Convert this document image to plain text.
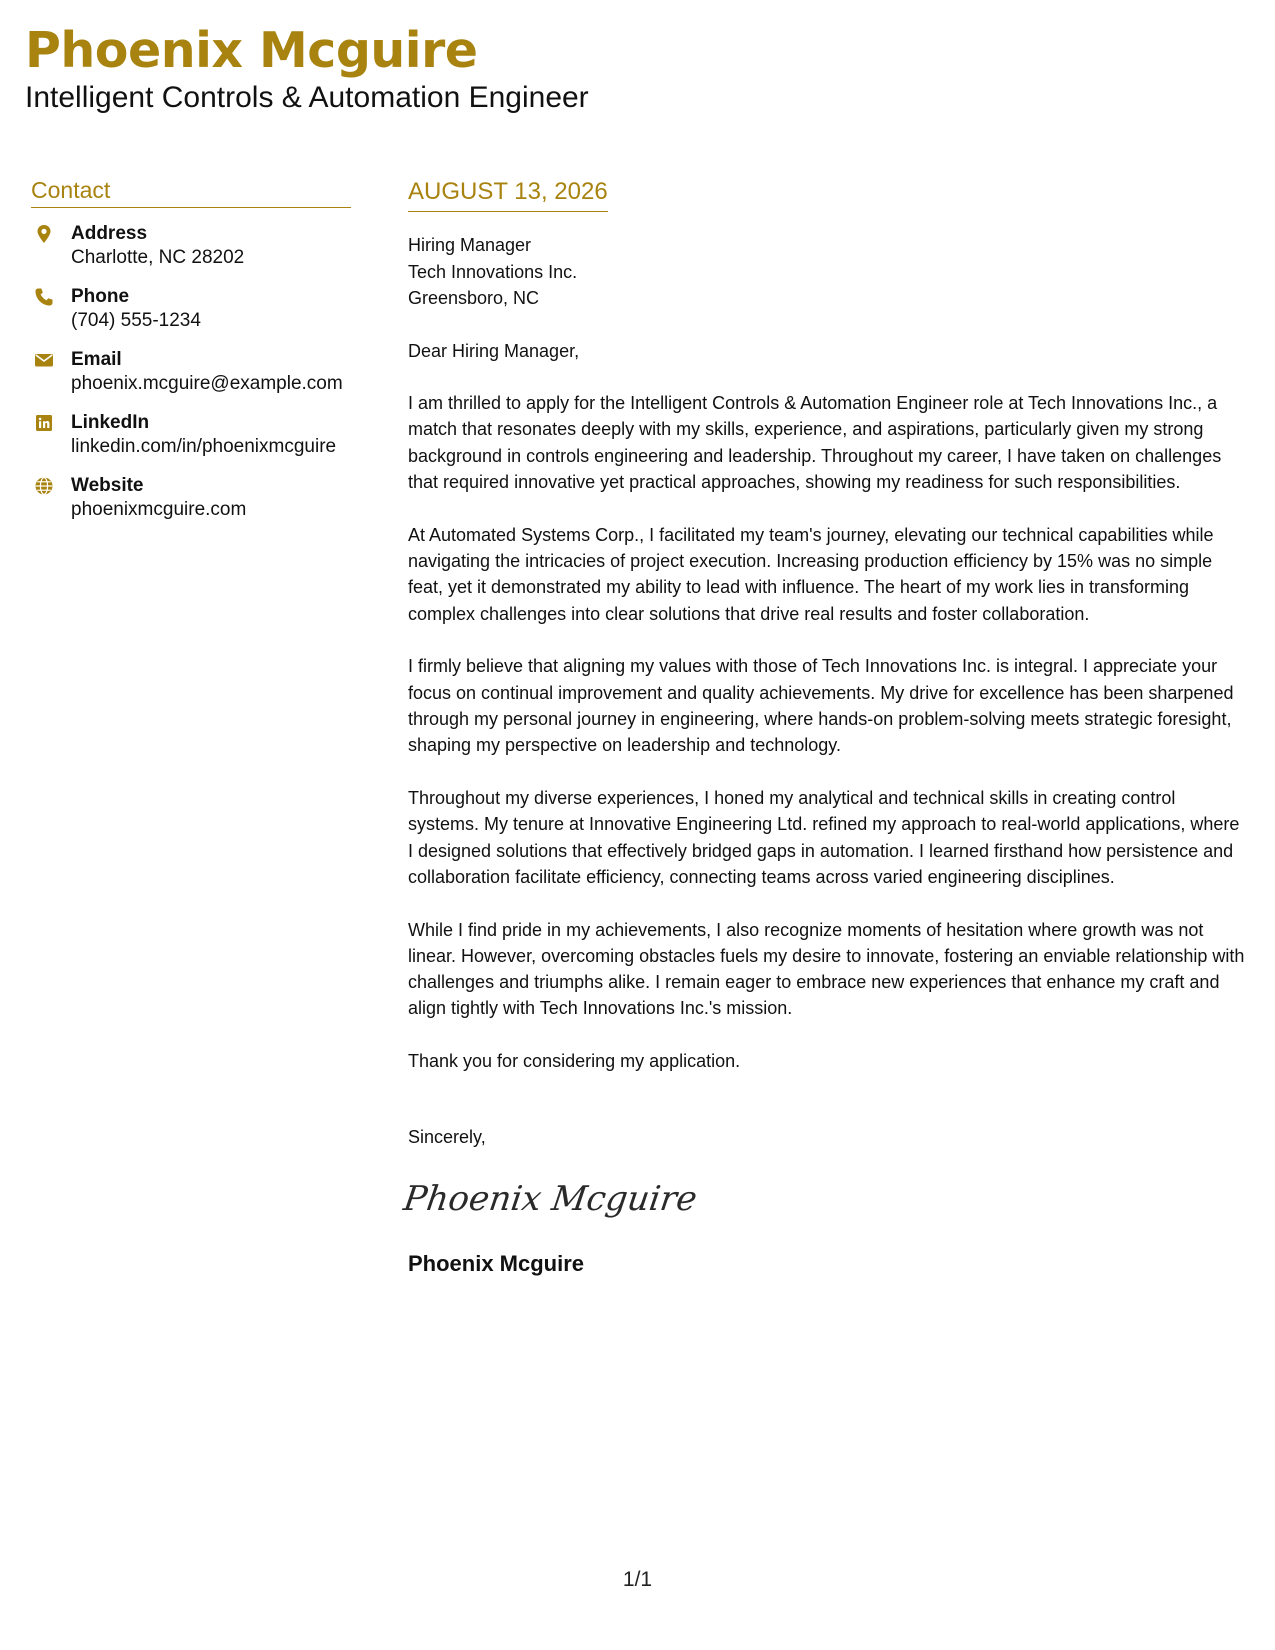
Phoenix Mcguire
Intelligent Controls & Automation Engineer
Contact
Address
Charlotte, NC 28202
Phone
(704) 555-1234
Email
phoenix.mcguire@example.com
LinkedIn
linkedin.com/in/phoenixmcguire
Website
phoenixmcguire.com
AUGUST 13, 2026
Hiring Manager
Tech Innovations Inc.
Greensboro, NC

Dear Hiring Manager,

I am thrilled to apply for the Intelligent Controls & Automation Engineer role at Tech Innovations Inc., a match that resonates deeply with my skills, experience, and aspirations, particularly given my strong background in controls engineering and leadership. Throughout my career, I have taken on challenges that required innovative yet practical approaches, showing my readiness for such responsibilities.

At Automated Systems Corp., I facilitated my team's journey, elevating our technical capabilities while navigating the intricacies of project execution. Increasing production efficiency by 15% was no simple feat, yet it demonstrated my ability to lead with influence. The heart of my work lies in transforming complex challenges into clear solutions that drive real results and foster collaboration.

I firmly believe that aligning my values with those of Tech Innovations Inc. is integral. I appreciate your focus on continual improvement and quality achievements. My drive for excellence has been sharpened through my personal journey in engineering, where hands-on problem-solving meets strategic foresight, shaping my perspective on leadership and technology.

Throughout my diverse experiences, I honed my analytical and technical skills in creating control systems. My tenure at Innovative Engineering Ltd. refined my approach to real-world applications, where I designed solutions that effectively bridged gaps in automation. I learned firsthand how persistence and collaboration facilitate efficiency, connecting teams across varied engineering disciplines.

While I find pride in my achievements, I also recognize moments of hesitation where growth was not linear. However, overcoming obstacles fuels my desire to innovate, fostering an enviable relationship with challenges and triumphs alike. I remain eager to embrace new experiences that enhance my craft and align tightly with Tech Innovations Inc.'s mission.

Thank you for considering my application.

Sincerely,
Phoenix Mcguire
Phoenix Mcguire
1/1
